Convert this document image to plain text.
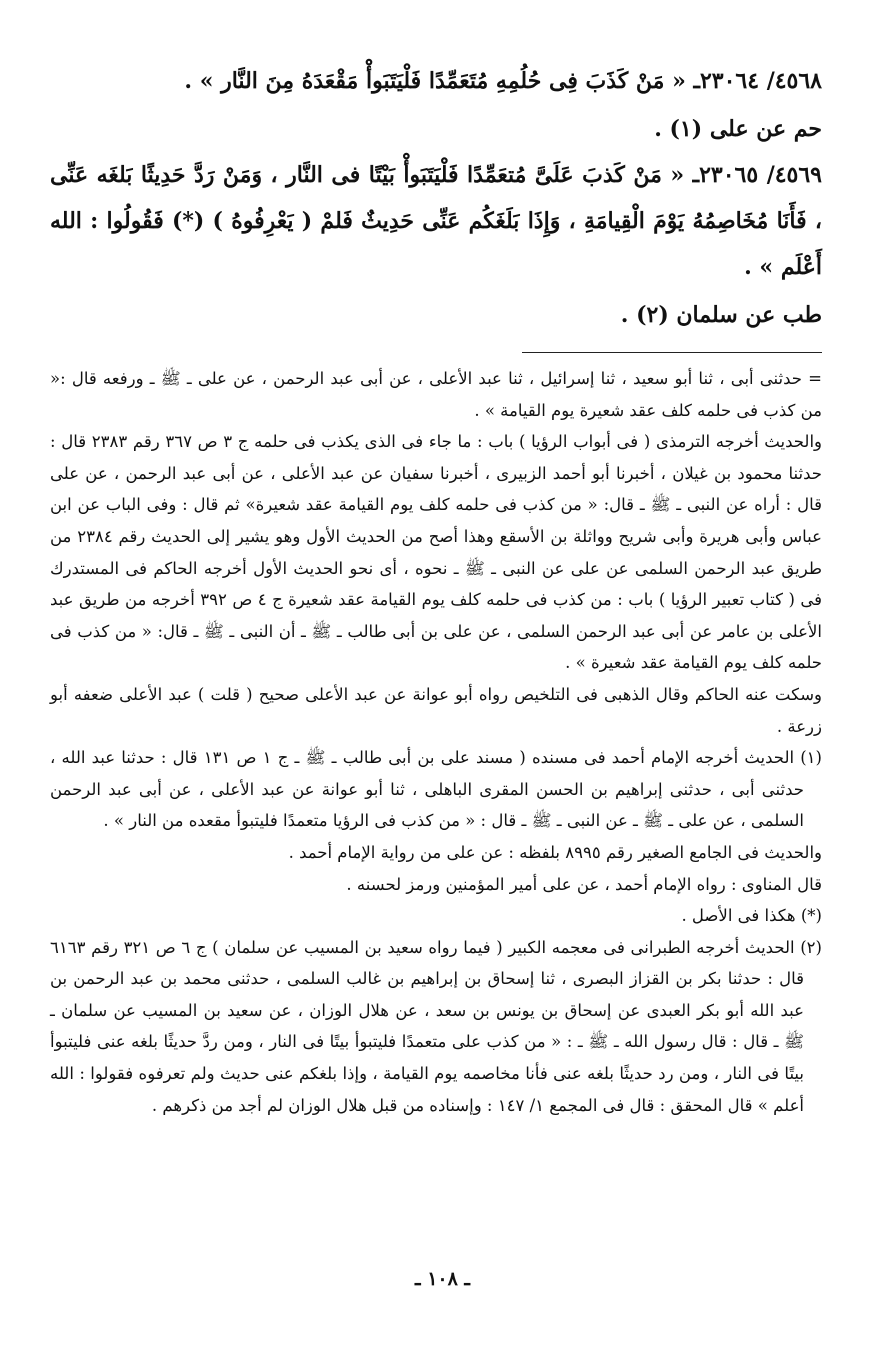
٤٥٦٨/ ٢٣٠٦٤ـ « مَنْ كَذَبَ فِى حُلُمِهِ مُتَعَمِّدًا فَلْيَتَبَوأْ مَقْعَدَهُ مِنَ النَّار » .

حم عن على (١) .

٤٥٦٩/ ٢٣٠٦٥ـ « مَنْ كَذبَ عَلَىَّ مُتعَمِّدًا فَلْيَتَبَوأْ بَيْتًا فى النَّار ، وَمَنْ رَدَّ حَدِيثًا بَلغَه عَنِّى ، فَأَنَا مُخَاصِمُهُ يَوْمَ الْقِيامَةِ ، وَإِذَا بَلَغَكُم عَنِّى حَدِيثٌ فَلمْ ( يَعْرِفُوهُ ) (*) فَقُولُوا : الله أَعْلَم » .

طب عن سلمان (٢) .

= حدثنى أبى ، ثنا أبو سعيد ، ثنا إسرائيل ، ثنا عبد الأعلى ، عن أبى عبد الرحمن ، عن على ـ ﷺ ـ ورفعه قال :« من كذب فى حلمه كلف عقد شعيرة يوم القيامة » .

والحديث أخرجه الترمذى ( فى أبواب الرؤيا ) باب : ما جاء فى الذى يكذب فى حلمه ج ٣ ص ٣٦٧ رقم ٢٣٨٣ قال : حدثنا محمود بن غيلان ، أخبرنا أبو أحمد الزبيرى ، أخبرنا سفيان عن عبد الأعلى ، عن أبى عبد الرحمن ، عن على قال : أراه عن النبى ـ ﷺ ـ قال: « من كذب فى حلمه كلف يوم القيامة عقد شعيرة» ثم قال : وفى الباب عن ابن عباس وأبى هريرة وأبى شريح وواثلة بن الأسقع وهذا أصح من الحديث الأول وهو يشير إلى الحديث رقم ٢٣٨٤ من طريق عبد الرحمن السلمى عن على عن النبى ـ ﷺ ـ نحوه ، أى نحو الحديث الأول أخرجه الحاكم فى المستدرك فى ( كتاب تعبير الرؤيا ) باب : من كذب فى حلمه كلف يوم القيامة عقد شعيرة ج ٤ ص ٣٩٢ أخرجه من طريق عبد الأعلى بن عامر عن أبى عبد الرحمن السلمى ، عن على بن أبى طالب ـ ﷺ ـ أن النبى ـ ﷺ ـ قال: « من كذب فى حلمه كلف يوم القيامة عقد شعيرة » .

وسكت عنه الحاكم وقال الذهبى فى التلخيص رواه أبو عوانة عن عبد الأعلى صحيح ( قلت ) عبد الأعلى ضعفه أبو زرعة .

(١) الحديث أخرجه الإمام أحمد فى مسنده ( مسند على بن أبى طالب ـ ﷺ ـ ج ١ ص ١٣١ قال : حدثنا عبد الله ، حدثنى أبى ، حدثنى إبراهيم بن الحسن المقرى الباهلى ، ثنا أبو عوانة عن عبد الأعلى ، عن أبى عبد الرحمن السلمى ، عن على ـ ﷺ ـ عن النبى ـ ﷺ ـ قال : « من كذب فى الرؤيا متعمدًا فليتبوأ مقعده من النار » .

والحديث فى الجامع الصغير رقم ٨٩٩٥ بلفظه : عن على من رواية الإمام أحمد .

قال المناوى : رواه الإمام أحمد ، عن على أمير المؤمنين ورمز لحسنه .

(*) هكذا فى الأصل .

(٢) الحديث أخرجه الطبرانى فى معجمه الكبير ( فيما رواه سعيد بن المسيب عن سلمان ) ج ٦ ص ٣٢١ رقم ٦١٦٣ قال : حدثنا بكر بن القزاز البصرى ، ثنا إسحاق بن إبراهيم بن غالب السلمى ، حدثنى محمد بن عبد الرحمن بن عبد الله أبو بكر العبدى عن إسحاق بن يونس بن سعد ، عن هلال الوزان ، عن سعيد بن المسيب عن سلمان ـ ﷺ ـ قال : قال رسول الله ـ ﷺ ـ : « من كذب على متعمدًا فليتبوأ بيتًا فى النار ، ومن ردَّ حديثًا بلغه عنى فليتبوأ بيتًا فى النار ، ومن رد حديثًا بلغه عنى فأنا مخاصمه يوم القيامة ، وإذا بلغكم عنى حديث ولم تعرفوه فقولوا : الله أعلم » قال المحقق : قال فى المجمع ١/ ١٤٧ : وإسناده من قبل هلال الوزان لم أجد من ذكرهم .

ـ ١٠٨ ـ
